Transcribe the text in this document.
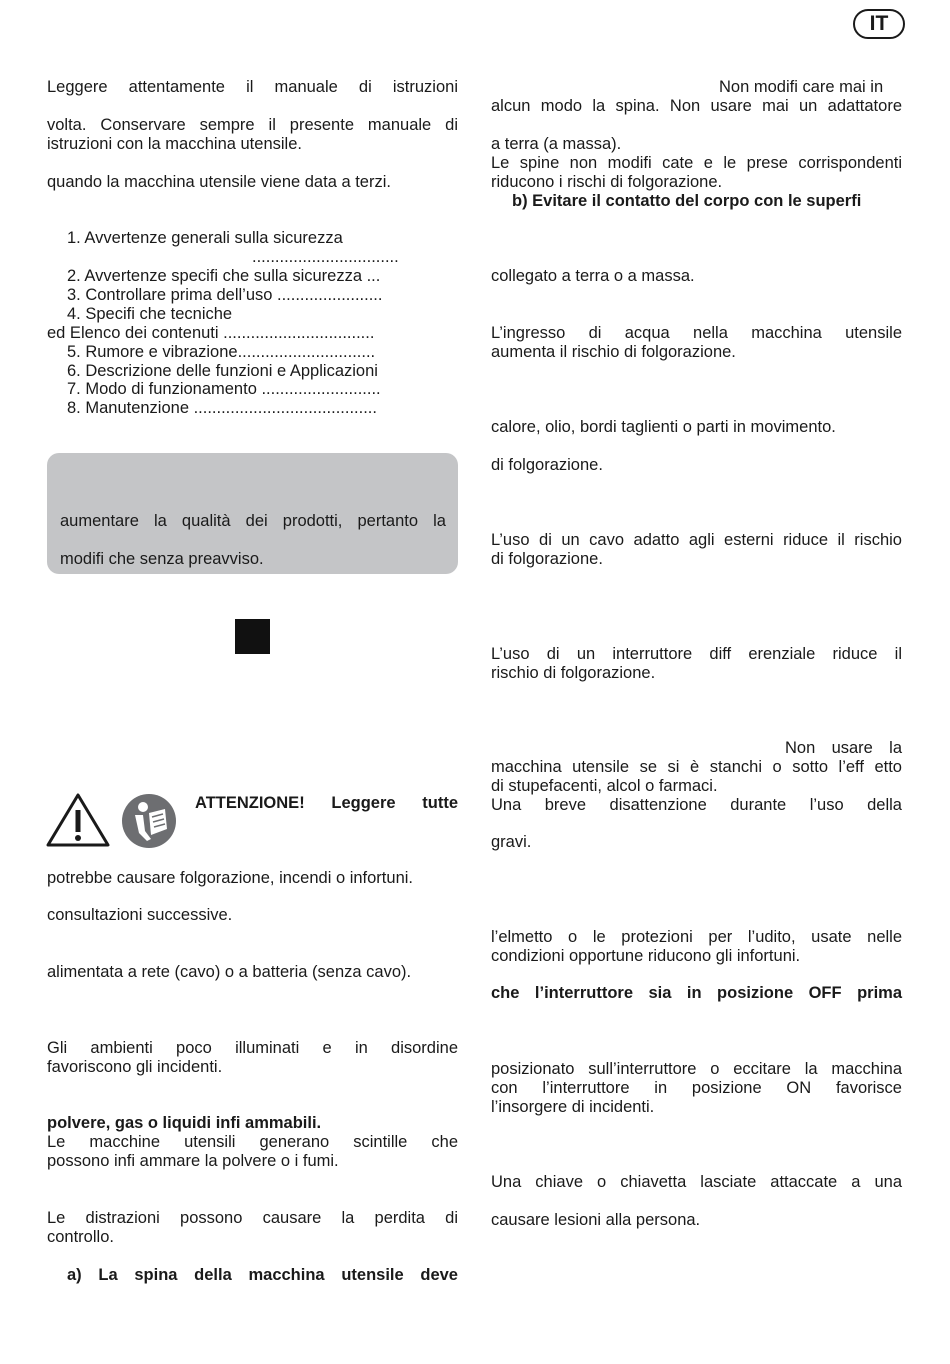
IT
Leggere attentamente il manuale di istruzioni
volta. Conservare sempre il presente manuale di
istruzioni con la macchina utensile.
quando la macchina utensile viene data a terzi.
1. Avvertenze generali sulla sicurezza
................................
2. Avvertenze specifi che sulla sicurezza ...
3. Controllare prima dell’uso .......................
4. Specifi che tecniche
ed Elenco dei contenuti .................................
5. Rumore e vibrazione..............................
6. Descrizione delle funzioni e Applicazioni
7. Modo di funzionamento ..........................
8. Manutenzione ........................................
aumentare la qualità dei prodotti, pertanto la
modifi che senza preavviso.
ATTENZIONE! Leggere tutte
potrebbe causare folgorazione, incendi o infortuni.
consultazioni successive.
alimentata a rete (cavo) o a batteria (senza cavo).
Gli ambienti poco illuminati e in disordine
favoriscono gli incidenti.
polvere, gas o liquidi infi ammabili.
Le macchine utensili generano scintille che
possono infi ammare la polvere o i fumi.
Le distrazioni possono causare la perdita di
controllo.
a) La spina della macchina utensile deve
Non modifi care mai in
alcun modo la spina. Non usare mai un adattatore
a terra (a massa).
Le spine non modifi cate e le prese corrispondenti
riducono i rischi di folgorazione.
b) Evitare il contatto del corpo con le superfi
collegato a terra o a massa.
L’ingresso di acqua nella macchina utensile
aumenta il rischio di folgorazione.
calore, olio, bordi taglienti o parti in movimento.
di folgorazione.
L’uso di un cavo adatto agli esterni riduce il rischio
di folgorazione.
L’uso di un interruttore diff erenziale riduce il
rischio di folgorazione.
Non usare la
macchina utensile se si è stanchi o sotto l’eff etto
di stupefacenti, alcol o farmaci.
Una breve disattenzione durante l’uso della
gravi.
l’elmetto o le protezioni per l’udito, usate nelle
condizioni opportune riducono gli infortuni.
che l’interruttore sia in posizione OFF prima
posizionato sull’interruttore o eccitare la macchina
con l’interruttore in posizione ON favorisce
l’insorgere di incidenti.
Una chiave o chiavetta lasciate attaccate a una
causare lesioni alla persona.
